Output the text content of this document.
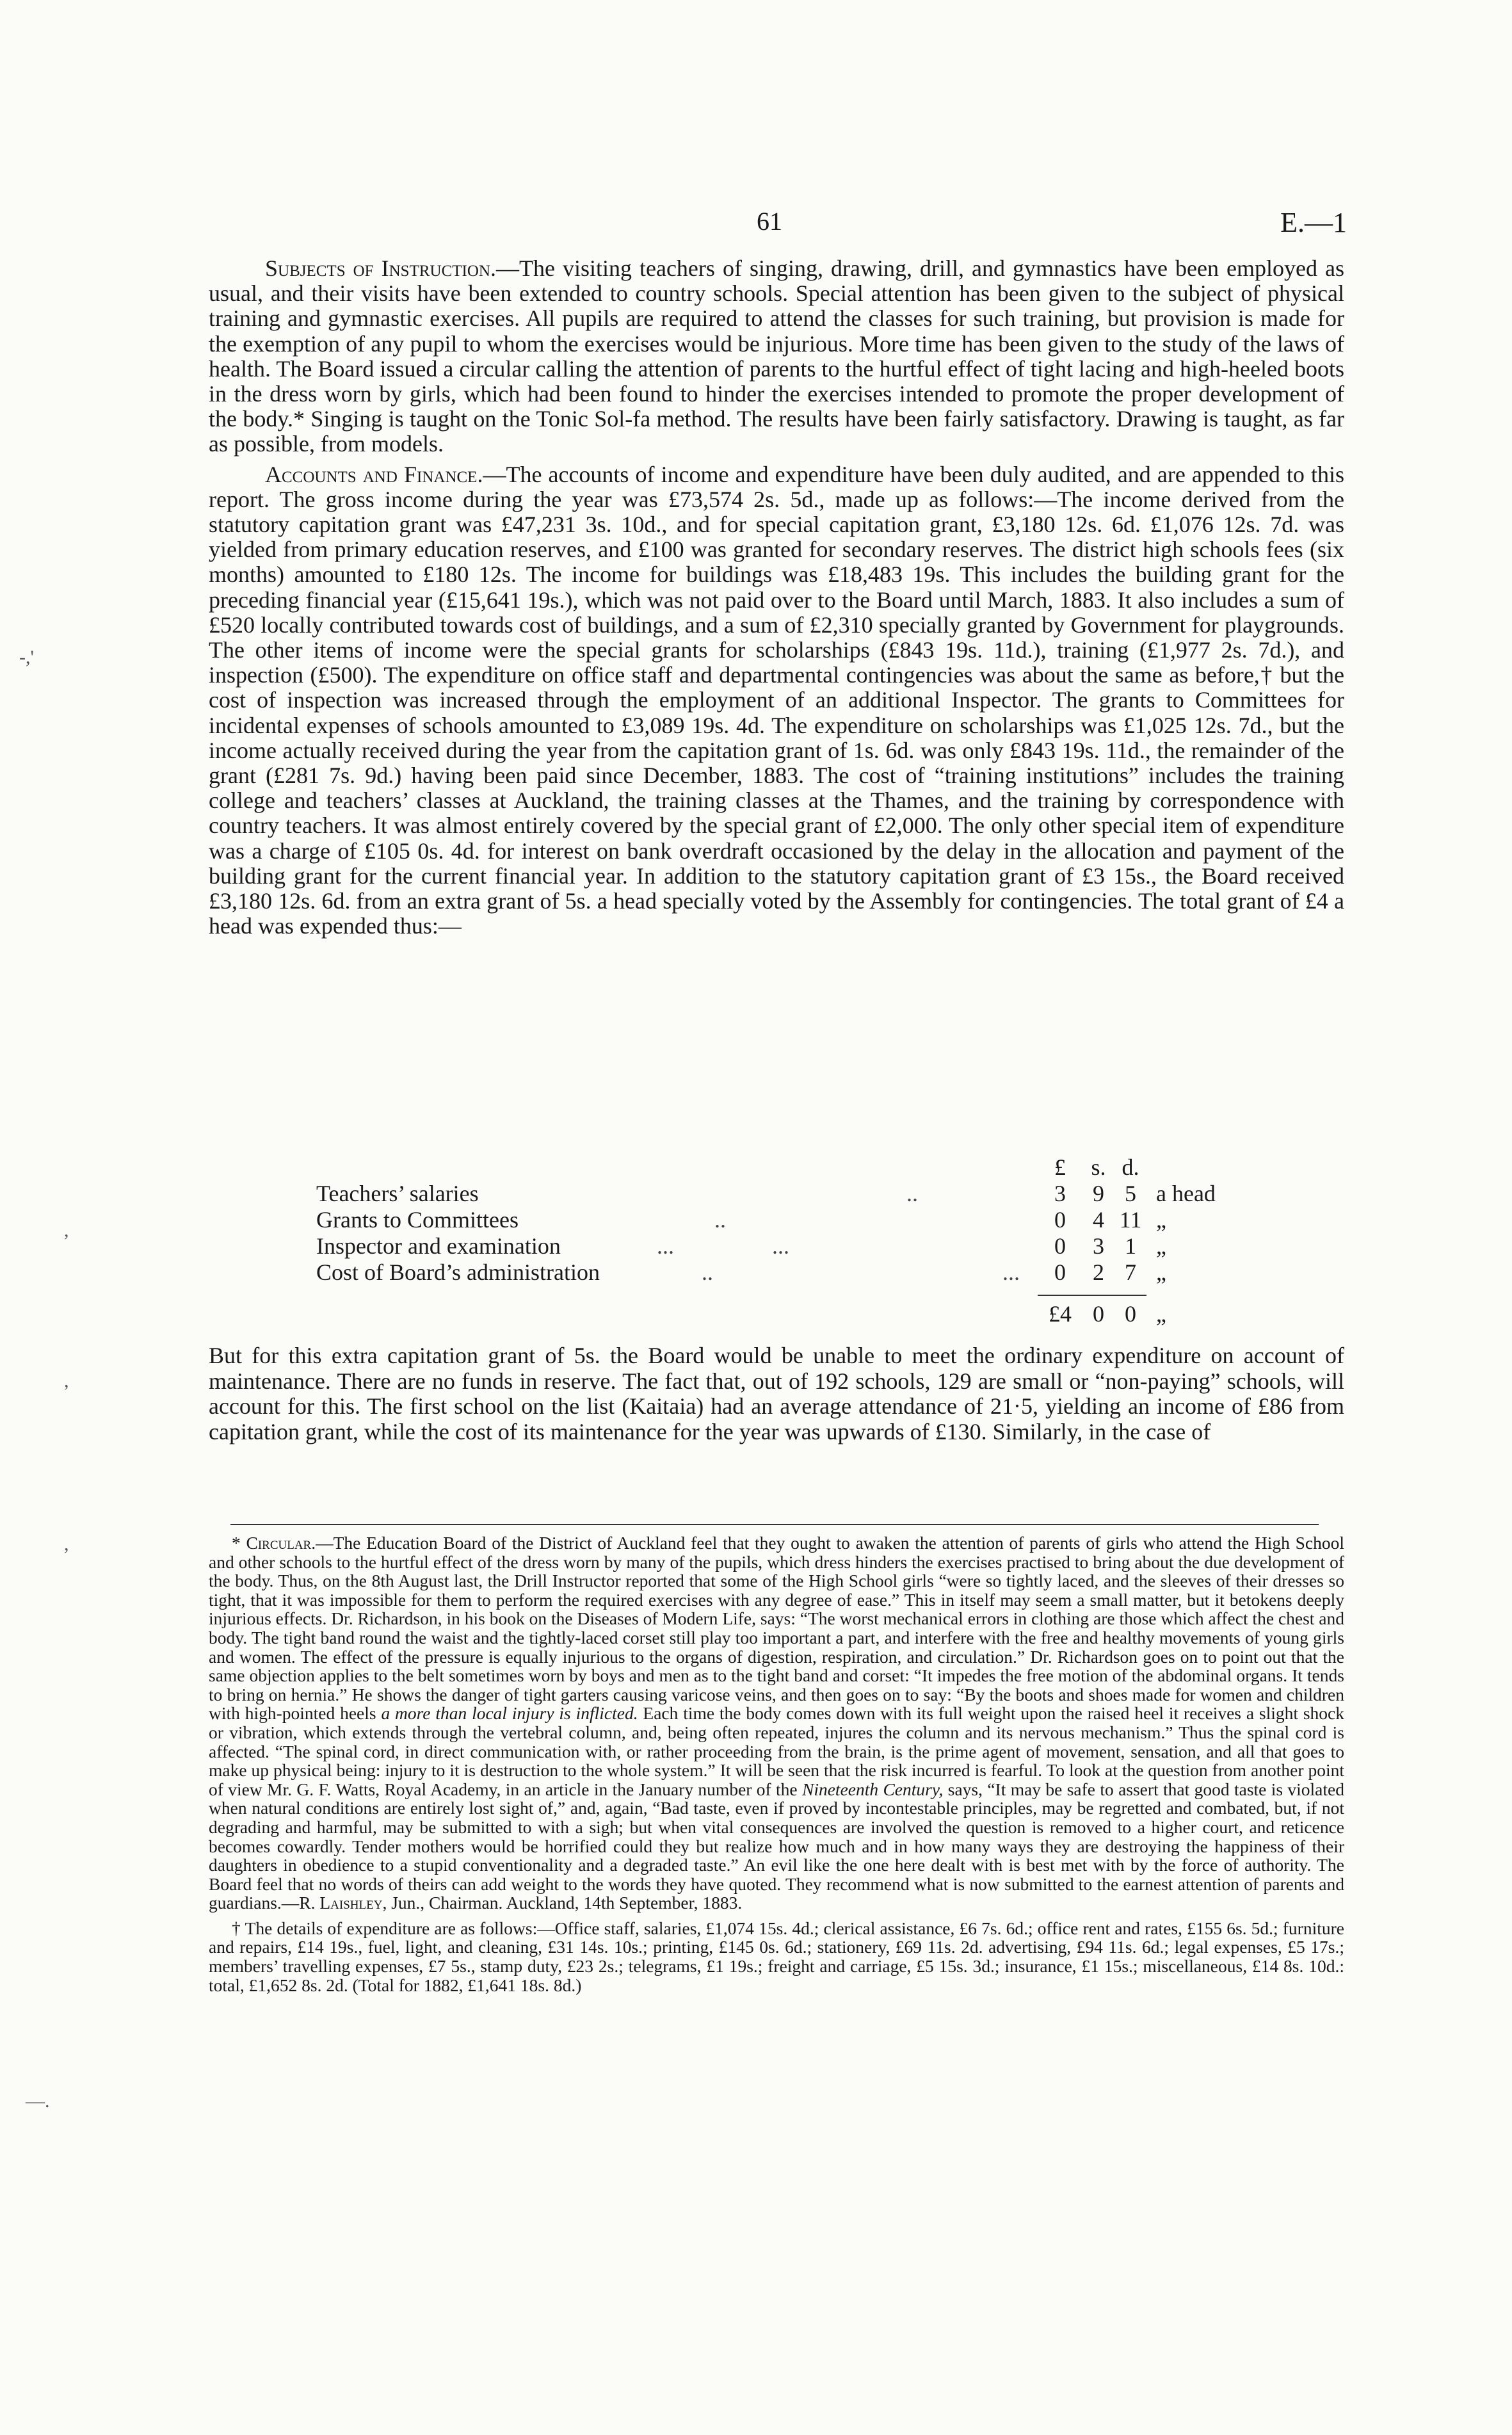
61	E.—1

Subjects of Instruction.—The visiting teachers of singing, drawing, drill, and gymnastics have been employed as usual, and their visits have been extended to country schools. Special attention has been given to the subject of physical training and gymnastic exercises. All pupils are required to attend the classes for such training, but provision is made for the exemption of any pupil to whom the exercises would be injurious. More time has been given to the study of the laws of health. The Board issued a circular calling the attention of parents to the hurtful effect of tight lacing and high-heeled boots in the dress worn by girls, which had been found to hinder the exercises intended to promote the proper development of the body.* Singing is taught on the Tonic Sol-fa method. The results have been fairly satisfactory. Drawing is taught, as far as possible, from models.

Accounts and Finance.—The accounts of income and expenditure have been duly audited, and are appended to this report. The gross income during the year was £73,574 2s. 5d., made up as follows:—The income derived from the statutory capitation grant was £47,231 3s. 10d., and for special capitation grant, £3,180 12s. 6d. £1,076 12s. 7d. was yielded from primary education reserves, and £100 was granted for secondary reserves. The district high schools fees (six months) amounted to £180 12s. The income for buildings was £18,483 19s. This includes the building grant for the preceding financial year (£15,641 19s.), which was not paid over to the Board until March, 1883. It also includes a sum of £520 locally contributed towards cost of buildings, and a sum of £2,310 specially granted by Government for playgrounds. The other items of income were the special grants for scholarships (£843 19s. 11d.), training (£1,977 2s. 7d.), and inspection (£500). The expenditure on office staff and departmental contingencies was about the same as before,† but the cost of inspection was increased through the employment of an additional Inspector. The grants to Committees for incidental expenses of schools amounted to £3,089 19s. 4d. The expenditure on scholarships was £1,025 12s. 7d., but the income actually received during the year from the capitation grant of 1s. 6d. was only £843 19s. 11d., the remainder of the grant (£281 7s. 9d.) having been paid since December, 1883. The cost of “training institutions” includes the training college and teachers’ classes at Auckland, the training classes at the Thames, and the training by correspondence with country teachers. It was almost entirely covered by the special grant of £2,000. The only other special item of expenditure was a charge of £105 0s. 4d. for interest on bank overdraft occasioned by the delay in the allocation and payment of the building grant for the current financial year. In addition to the statutory capitation grant of £3 15s., the Board received £3,180 12s. 6d. from an extra grant of 5s. a head specially voted by the Assembly for contingencies. The total grant of £4 a head was expended thus:—

£	s. d.
Teachers’ salaries	..	3	9 5 a head
Grants to Committees	..	0	4 11 „
Inspector and examination	...	...	0	3 1 „
Cost of Board’s administration	..	...	0	2 7 „
£4 0 0 „

But for this extra capitation grant of 5s. the Board would be unable to meet the ordinary expenditure on account of maintenance. There are no funds in reserve. The fact that, out of 192 schools, 129 are small or “non-paying” schools, will account for this. The first school on the list (Kaitaia) had an average attendance of 21·5, yielding an income of £86 from capitation grant, while the cost of its maintenance for the year was upwards of £130. Similarly, in the case of

* Circular.—The Education Board of the District of Auckland feel that they ought to awaken the attention of parents of girls who attend the High School and other schools to the hurtful effect of the dress worn by many of the pupils, which dress hinders the exercises practised to bring about the due development of the body. Thus, on the 8th August last, the Drill Instructor reported that some of the High School girls “were so tightly laced, and the sleeves of their dresses so tight, that it was impossible for them to perform the required exercises with any degree of ease.” This in itself may seem a small matter, but it betokens deeply injurious effects. Dr. Richardson, in his book on the Diseases of Modern Life, says: “The worst mechanical errors in clothing are those which affect the chest and body. The tight band round the waist and the tightly-laced corset still play too important a part, and interfere with the free and healthy movements of young girls and women. The effect of the pressure is equally injurious to the organs of digestion, respiration, and circulation.” Dr. Richardson goes on to point out that the same objection applies to the belt sometimes worn by boys and men as to the tight band and corset: “It impedes the free motion of the abdominal organs. It tends to bring on hernia.” He shows the danger of tight garters causing varicose veins, and then goes on to say: “By the boots and shoes made for women and children with high-pointed heels a more than local injury is inflicted. Each time the body comes down with its full weight upon the raised heel it receives a slight shock or vibration, which extends through the vertebral column, and, being often repeated, injures the column and its nervous mechanism.” Thus the spinal cord is affected. “The spinal cord, in direct communication with, or rather proceeding from the brain, is the prime agent of movement, sensation, and all that goes to make up physical being: injury to it is destruction to the whole system.” It will be seen that the risk incurred is fearful. To look at the question from another point of view Mr. G. F. Watts, Royal Academy, in an article in the January number of the Nineteenth Century, says, “It may be safe to assert that good taste is violated when natural conditions are entirely lost sight of,” and, again, “Bad taste, even if proved by incontestable principles, may be regretted and combated, but, if not degrading and harmful, may be submitted to with a sigh; but when vital consequences are involved the question is removed to a higher court, and reticence becomes cowardly. Tender mothers would be horrified could they but realize how much and in how many ways they are destroying the happiness of their daughters in obedience to a stupid conventionality and a degraded taste.” An evil like the one here dealt with is best met with by the force of authority. The Board feel that no words of theirs can add weight to the words they have quoted. They recommend what is now submitted to the earnest attention of parents and guardians.—R. Laishley, Jun., Chairman. Auckland, 14th September, 1883.

† The details of expenditure are as follows:—Office staff, salaries, £1,074 15s. 4d.; clerical assistance, £6 7s. 6d.; office rent and rates, £155 6s. 5d.; furniture and repairs, £14 19s., fuel, light, and cleaning, £31 14s. 10s.; printing, £145 0s. 6d.; stationery, £69 11s. 2d. advertising, £94 11s. 6d.; legal expenses, £5 17s.; members’ travelling expenses, £7 5s., stamp duty, £23 2s.; telegrams, £1 19s.; freight and carriage, £5 15s. 3d.; insurance, £1 15s.; miscellaneous, £14 8s. 10d.: total, £1,652 8s. 2d. (Total for 1882, £1,641 18s. 8d.)

-,'
,
,
,
—.
